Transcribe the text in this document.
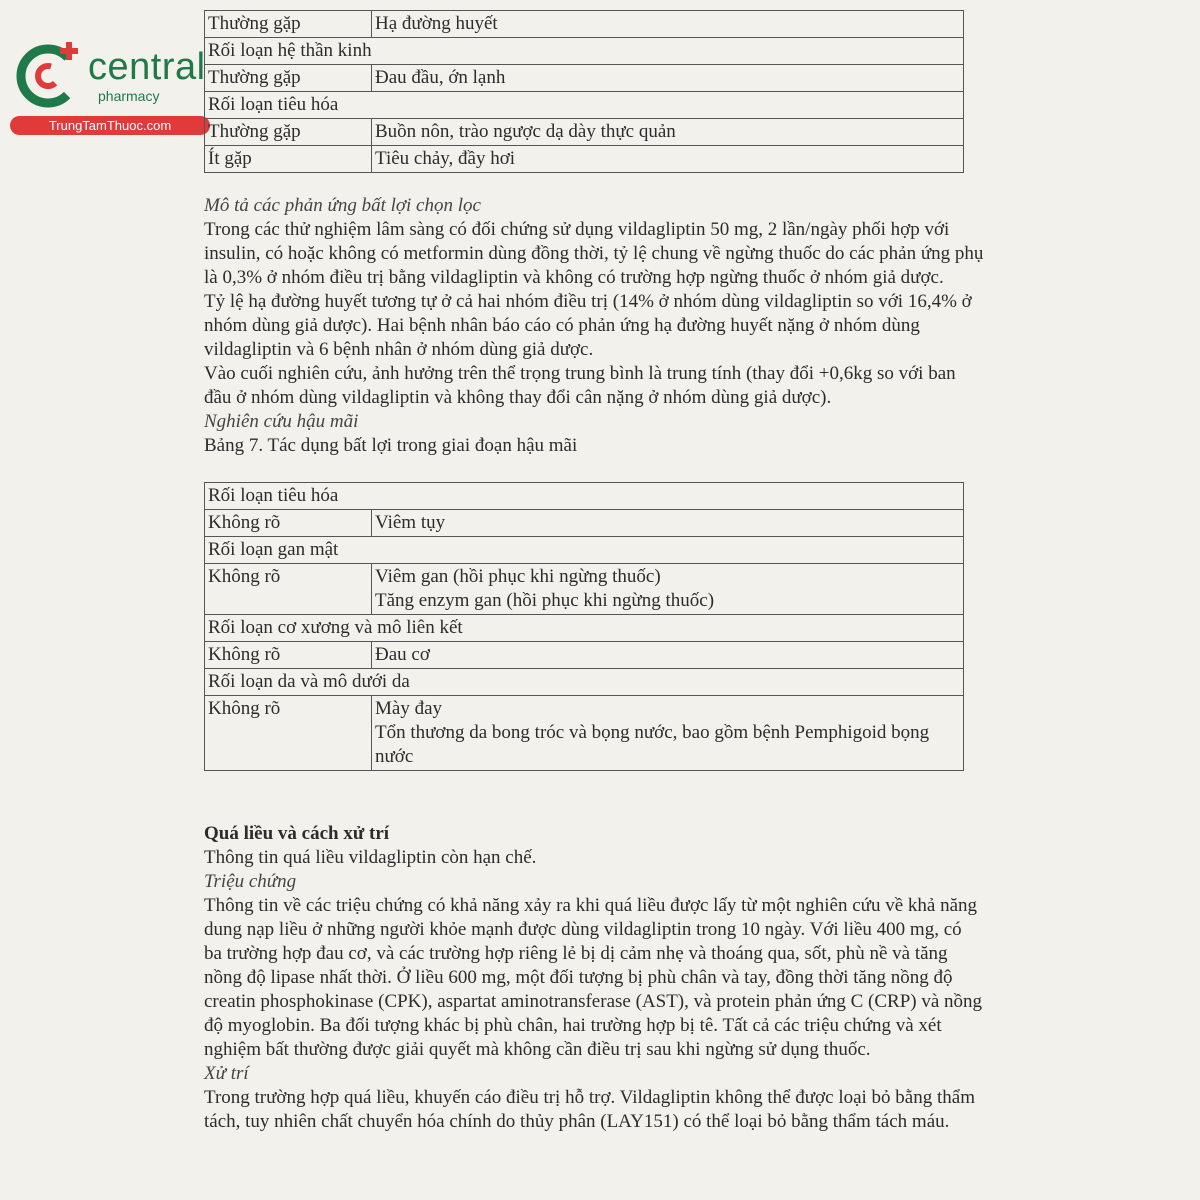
central
pharmacy
TrungTamThuoc.com
Thường gặp	Hạ đường huyết
Rối loạn hệ thần kinh	
Thường gặp	Đau đầu, ớn lạnh
Rối loạn tiêu hóa	
Thường gặp	Buồn nôn, trào ngược dạ dày thực quản
Ít gặp	Tiêu chảy, đầy hơi

Mô tả các phản ứng bất lợi chọn lọc

Trong các thử nghiệm lâm sàng có đối chứng sử dụng vildagliptin 50 mg, 2 lần/ngày phối hợp với insulin, có hoặc không có metformin dùng đồng thời, tỷ lệ chung về ngừng thuốc do các phản ứng phụ là 0,3% ở nhóm điều trị bằng vildagliptin và không có trường hợp ngừng thuốc ở nhóm giả dược.

Tỷ lệ hạ đường huyết tương tự ở cả hai nhóm điều trị (14% ở nhóm dùng vildagliptin so với 16,4% ở nhóm dùng giả dược). Hai bệnh nhân báo cáo có phản ứng hạ đường huyết nặng ở nhóm dùng vildagliptin và 6 bệnh nhân ở nhóm dùng giả dược.

Vào cuối nghiên cứu, ảnh hưởng trên thể trọng trung bình là trung tính (thay đổi +0,6kg so với ban đầu ở nhóm dùng vildagliptin và không thay đổi cân nặng ở nhóm dùng giả dược).

Nghiên cứu hậu mãi

Bảng 7. Tác dụng bất lợi trong giai đoạn hậu mãi

Rối loạn tiêu hóa	
Không rõ	Viêm tụy

Rối loạn gan mật	
Không rõ	Viêm gan (hồi phục khi ngừng thuốc)
Tăng enzym gan (hồi phục khi ngừng thuốc)

Rối loạn cơ xương và mô liên kết	
Không rõ	Đau cơ

Rối loạn da và mô dưới da	
Không rõ	Mày đay
Tổn thương da bong tróc và bọng nước, bao gồm bệnh Pemphigoid bọng nước

Quá liều và cách xử trí

Thông tin quá liều vildagliptin còn hạn chế.

Triệu chứng

Thông tin về các triệu chứng có khả năng xảy ra khi quá liều được lấy từ một nghiên cứu về khả năng dung nạp liều ở những người khỏe mạnh được dùng vildagliptin trong 10 ngày. Với liều 400 mg, có ba trường hợp đau cơ, và các trường hợp riêng lẻ bị dị cảm nhẹ và thoáng qua, sốt, phù nề và tăng nồng độ lipase nhất thời. Ở liều 600 mg, một đối tượng bị phù chân và tay, đồng thời tăng nồng độ creatin phosphokinase (CPK), aspartat aminotransferase (AST), và protein phản ứng C (CRP) và nồng độ myoglobin. Ba đối tượng khác bị phù chân, hai trường hợp bị tê. Tất cả các triệu chứng và xét nghiệm bất thường được giải quyết mà không cần điều trị sau khi ngừng sử dụng thuốc.

Xử trí

Trong trường hợp quá liều, khuyến cáo điều trị hỗ trợ. Vildagliptin không thể được loại bỏ bằng thẩm tách, tuy nhiên chất chuyển hóa chính do thủy phân (LAY151) có thể loại bỏ bằng thẩm tách máu.
